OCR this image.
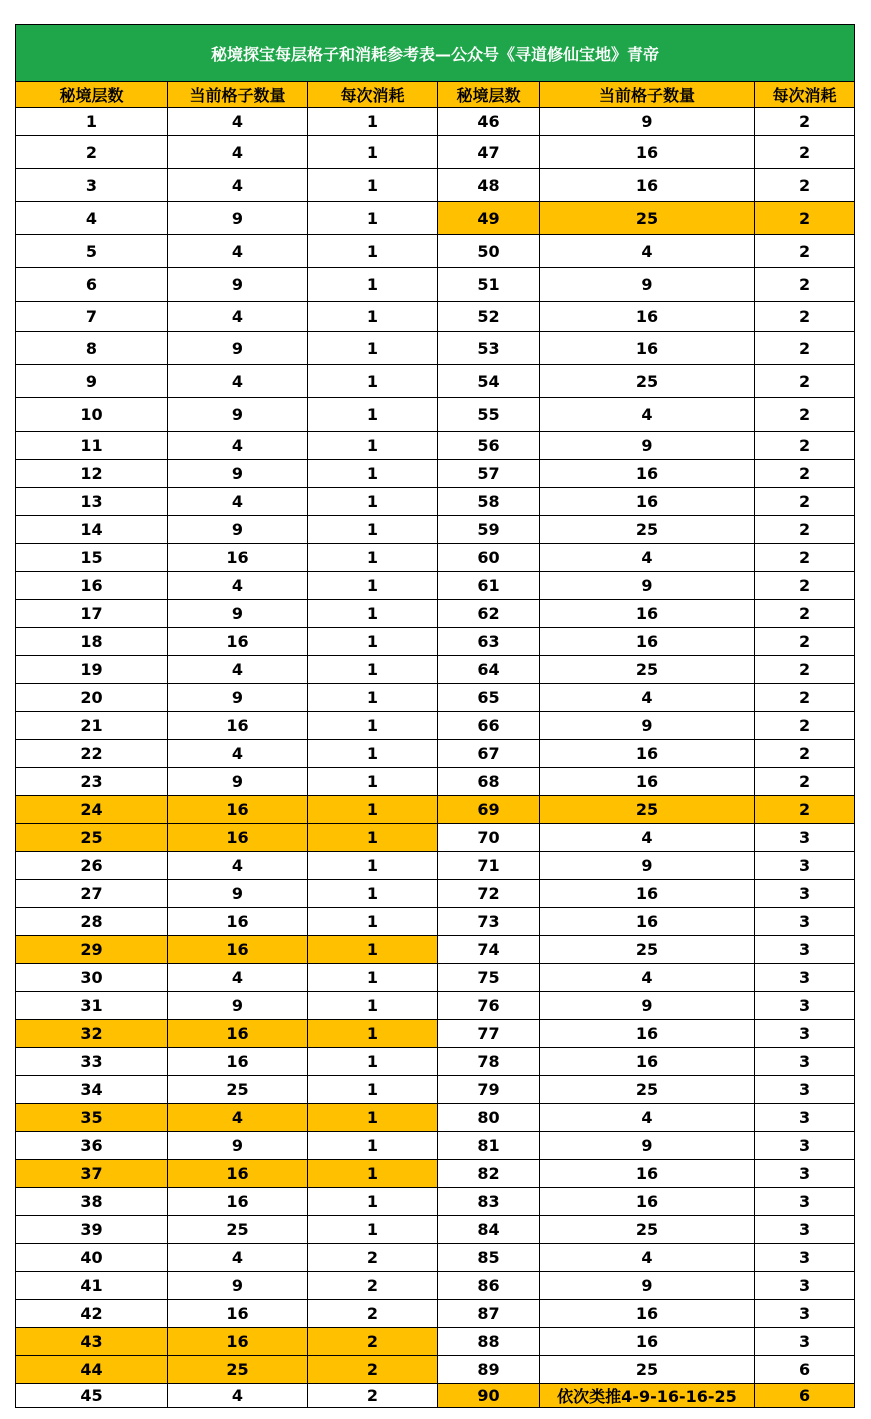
秘境探宝每层格子和消耗参考表—公众号《寻道修仙宝地》青帝					
秘境层数	当前格子数量	每次消耗	秘境层数	当前格子数量	每次消耗
1	4	1	46	9	2
2	4	1	47	16	2
3	4	1	48	16	2
4	9	1	49	25	2
5	4	1	50	4	2
6	9	1	51	9	2
7	4	1	52	16	2
8	9	1	53	16	2
9	4	1	54	25	2
10	9	1	55	4	2
11	4	1	56	9	2
12	9	1	57	16	2
13	4	1	58	16	2
14	9	1	59	25	2
15	16	1	60	4	2
16	4	1	61	9	2
17	9	1	62	16	2
18	16	1	63	16	2
19	4	1	64	25	2
20	9	1	65	4	2
21	16	1	66	9	2
22	4	1	67	16	2
23	9	1	68	16	2
24	16	1	69	25	2
25	16	1	70	4	3
26	4	1	71	9	3
27	9	1	72	16	3
28	16	1	73	16	3
29	16	1	74	25	3
30	4	1	75	4	3
31	9	1	76	9	3
32	16	1	77	16	3
33	16	1	78	16	3
34	25	1	79	25	3
35	4	1	80	4	3
36	9	1	81	9	3
37	16	1	82	16	3
38	16	1	83	16	3
39	25	1	84	25	3
40	4	2	85	4	3
41	9	2	86	9	3
42	16	2	87	16	3
43	16	2	88	16	3
44	25	2	89	25	6
45	4	2	90	依次类推4-9-16-16-25	6
